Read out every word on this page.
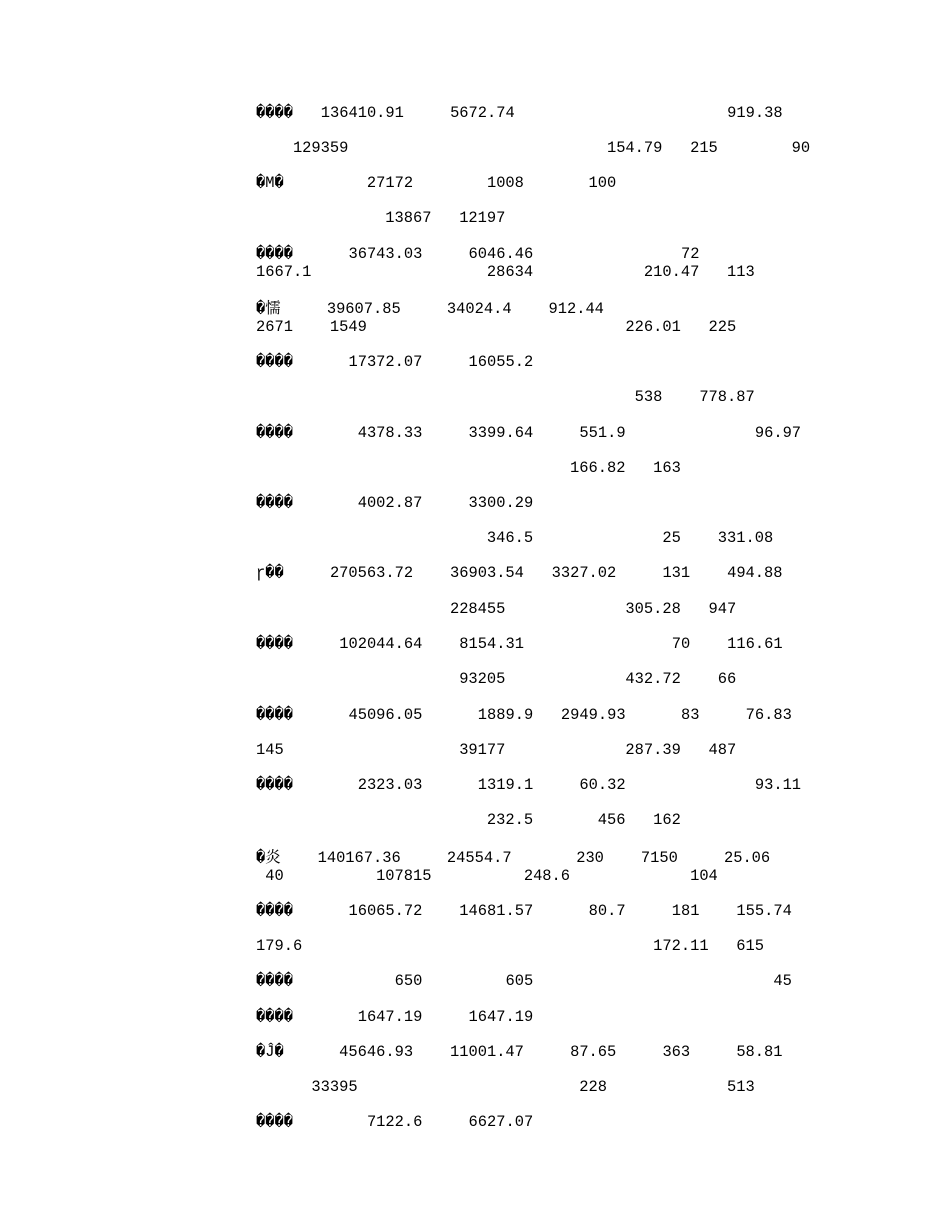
����   136410.91     5672.74                       919.38

129359                            154.79   215        90

�M�         27172        1008       100

13867   12197

����      36743.03     6046.46                72

1667.1                   28634            210.47   113

�懦     39607.85     34024.4    912.44

2671    1549                            226.01   225

����      17372.07     16055.2

538    778.87

����       4378.33     3399.64     551.9              96.97

166.82   163

����       4002.87     3300.29

346.5              25    331.08

ɼ��     270563.72    36903.54   3327.02     131    494.88

228455             305.28   947

����     102044.64    8154.31                70    116.61

93205             432.72    66

����      45096.05      1889.9   2949.93      83     76.83

145                   39177             287.39   487

����       2323.03      1319.1     60.32              93.11

232.5       456   162

�炎    140167.36     24554.7       230    7150     25.06

40          107815          248.6             104

����      16065.72    14681.57      80.7     181    155.74

179.6                                      172.11   615

����           650         605                          45

����       1647.19     1647.19

�Ĵ�      45646.93    11001.47     87.65     363     58.81

33395                        228             513

����        7122.6     6627.07
